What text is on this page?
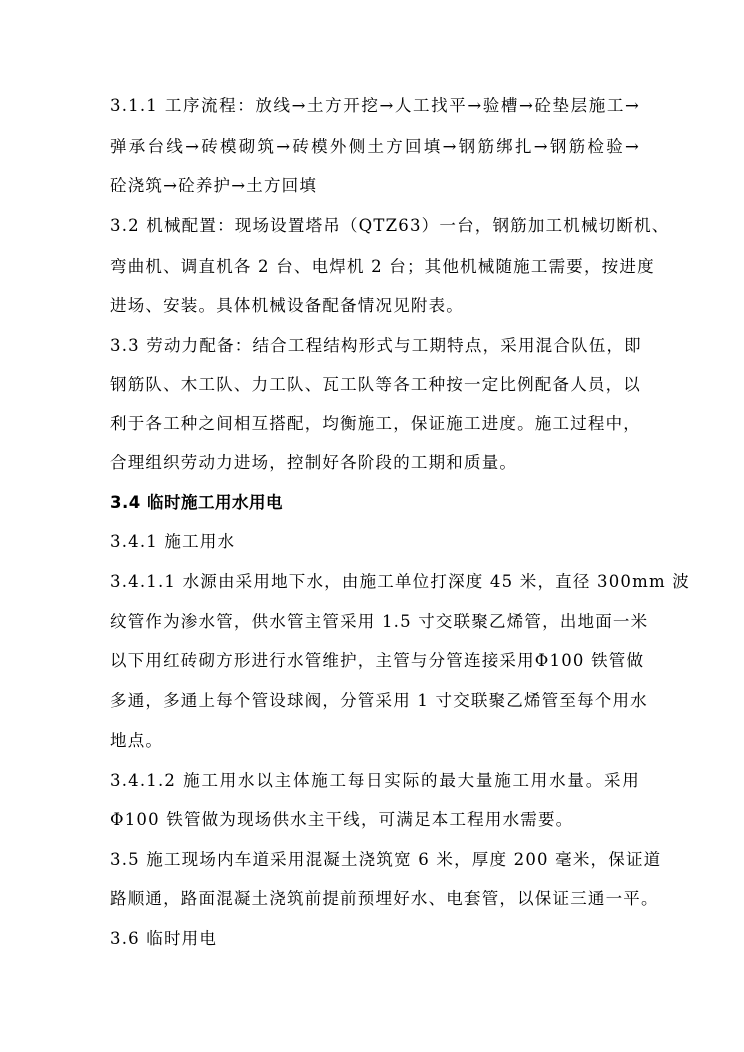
3.1.1 工序流程：放线→土方开挖→人工找平→验槽→砼垫层施工→
弹承台线→砖模砌筑→砖模外侧土方回填→钢筋绑扎→钢筋检验→
砼浇筑→砼养护→土方回填
3.2 机械配置：现场设置塔吊（QTZ63）一台，钢筋加工机械切断机、
弯曲机、调直机各 2 台、电焊机 2 台；其他机械随施工需要，按进度
进场、安装。具体机械设备配备情况见附表。
3.3 劳动力配备：结合工程结构形式与工期特点，采用混合队伍，即
钢筋队、木工队、力工队、瓦工队等各工种按一定比例配备人员，以
利于各工种之间相互搭配，均衡施工，保证施工进度。施工过程中，
合理组织劳动力进场，控制好各阶段的工期和质量。
3.4 临时施工用水用电
3.4.1 施工用水
3.4.1.1 水源由采用地下水，由施工单位打深度 45 米，直径 300mm 波
纹管作为渗水管，供水管主管采用 1.5 寸交联聚乙烯管，出地面一米
以下用红砖砌方形进行水管维护，主管与分管连接采用Φ100 铁管做
多通，多通上每个管设球阀，分管采用 1 寸交联聚乙烯管至每个用水
地点。
3.4.1.2 施工用水以主体施工每日实际的最大量施工用水量。采用
Φ100 铁管做为现场供水主干线，可满足本工程用水需要。
3.5 施工现场内车道采用混凝土浇筑宽 6 米，厚度 200 毫米，保证道
路顺通，路面混凝土浇筑前提前预埋好水、电套管，以保证三通一平。
3.6 临时用电
